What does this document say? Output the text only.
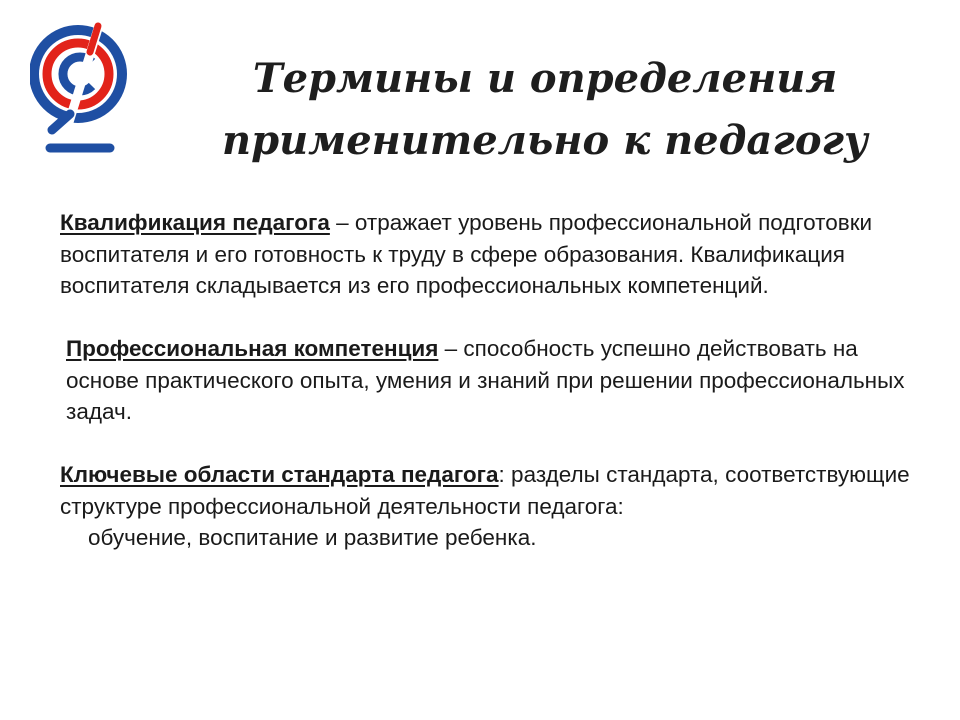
Термины и определения
применительно к педагогу

Квалификация педагога – отражает уровень профессиональной подготовки воспитателя и его готовность к труду в сфере образования. Квалификация воспитателя складывается из его профессиональных компетенций.

Профессиональная компетенция – способность успешно действовать на основе практического опыта, умения и знаний при решении профессиональных задач.

Ключевые области стандарта педагога: разделы стандарта, соответствующие структуре профессиональной деятельности педагога:

обучение, воспитание и развитие ребенка.
